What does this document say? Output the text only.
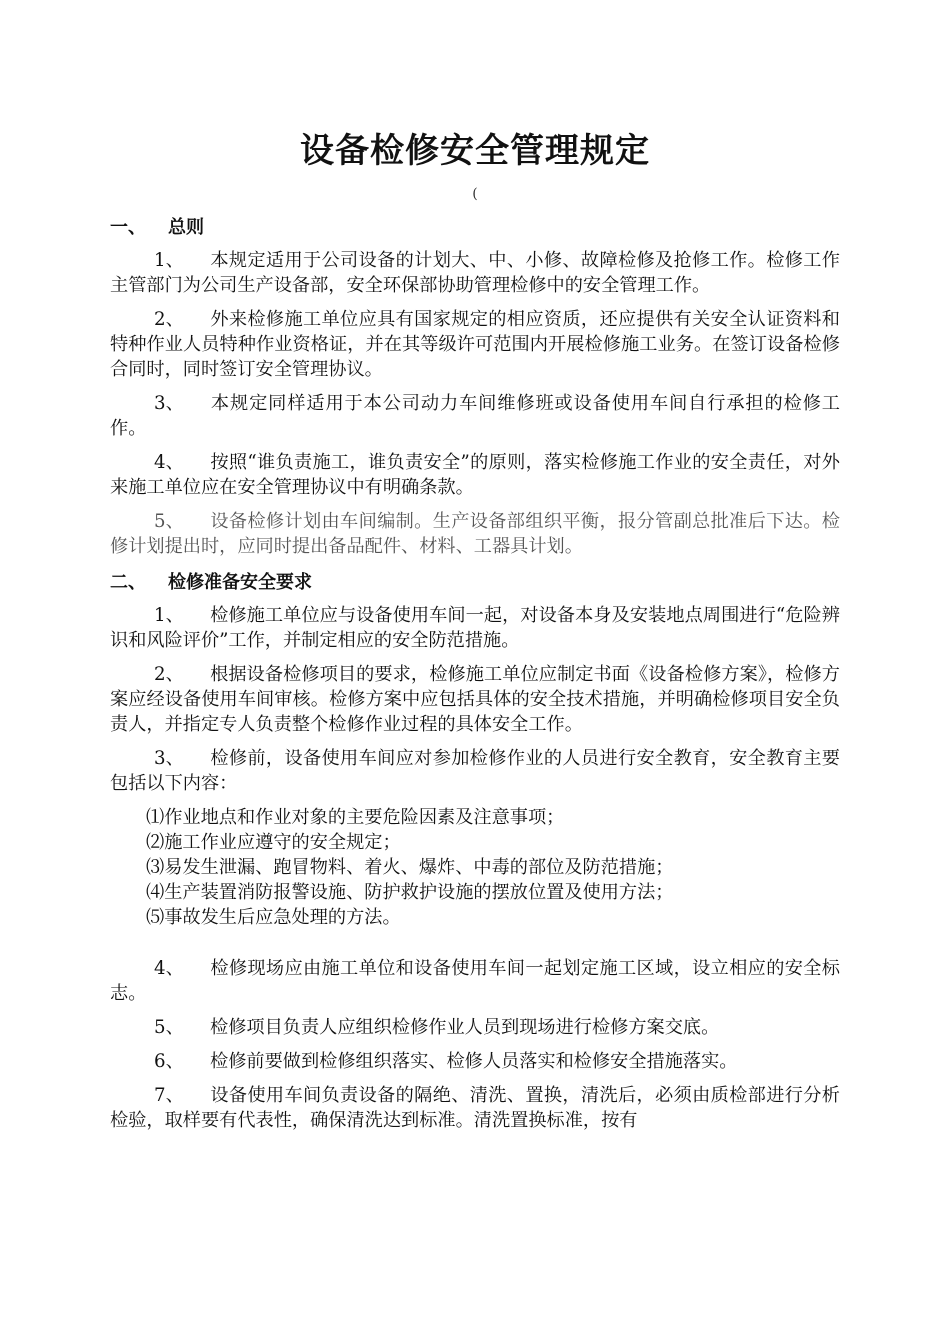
设备检修安全管理规定
(
一、 总则

1、 本规定适用于公司设备的计划大、中、小修、故障检修及抢修工作。检修工作主管部门为公司生产设备部，安全环保部协助管理检修中的安全管理工作。

2、 外来检修施工单位应具有国家规定的相应资质，还应提供有关安全认证资料和特种作业人员特种作业资格证，并在其等级许可范围内开展检修施工业务。在签订设备检修合同时，同时签订安全管理协议。

3、 本规定同样适用于本公司动力车间维修班或设备使用车间自行承担的检修工作。

4、 按照“谁负责施工，谁负责安全”的原则，落实检修施工作业的安全责任，对外来施工单位应在安全管理协议中有明确条款。

5、 设备检修计划由车间编制。生产设备部组织平衡，报分管副总批准后下达。检修计划提出时，应同时提出备品配件、材料、工器具计划。

二、 检修准备安全要求

1、 检修施工单位应与设备使用车间一起，对设备本身及安装地点周围进行“危险辨识和风险评价”工作，并制定相应的安全防范措施。

2、 根据设备检修项目的要求，检修施工单位应制定书面《设备检修方案》，检修方案应经设备使用车间审核。检修方案中应包括具体的安全技术措施，并明确检修项目安全负责人，并指定专人负责整个检修作业过程的具体安全工作。

3、 检修前，设备使用车间应对参加检修作业的人员进行安全教育，安全教育主要包括以下内容：

⑴作业地点和作业对象的主要危险因素及注意事项；
⑵施工作业应遵守的安全规定；
⑶易发生泄漏、跑冒物料、着火、爆炸、中毒的部位及防范措施；
⑷生产装置消防报警设施、防护救护设施的摆放位置及使用方法；
⑸事故发生后应急处理的方法。

4、 检修现场应由施工单位和设备使用车间一起划定施工区域，设立相应的安全标志。

5、 检修项目负责人应组织检修作业人员到现场进行检修方案交底。

6、 检修前要做到检修组织落实、检修人员落实和检修安全措施落实。

7、 设备使用车间负责设备的隔绝、清洗、置换，清洗后，必须由质检部进行分析检验，取样要有代表性，确保清洗达到标准。清洗置换标准，按有
